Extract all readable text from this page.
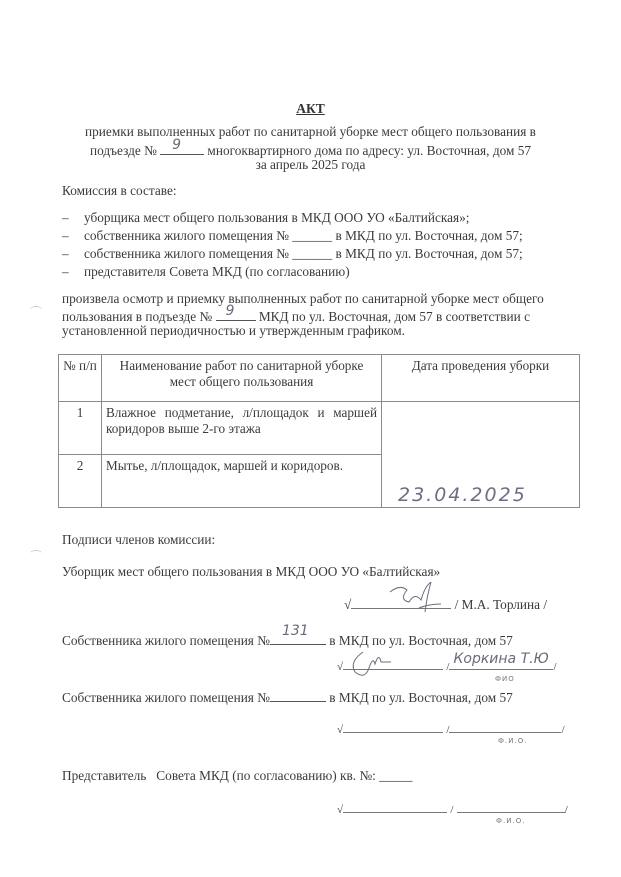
АКТ
приемки выполненных работ по санитарной уборке мест общего пользования в
подъезде № 9 многоквартирного дома по адресу: ул. Восточная, дом 57
за апрель 2025 года
Комиссия в составе:
– уборщика мест общего пользования в МКД ООО УО «Балтийская»;
– собственника жилого помещения № ______ в МКД по ул. Восточная, дом 57;
– собственника жилого помещения № ______ в МКД по ул. Восточная, дом 57;
– представителя Совета МКД (по согласованию)
произвела осмотр и приемку выполненных работ по санитарной уборке мест общего
пользования в подъезде № 9 МКД по ул. Восточная, дом 57 в соответствии с
установленной периодичностью и утвержденным графиком.
№ п/п	Наименование работ по санитарной уборке мест общего пользования	Дата проведения уборки
1	Влажное подметание, л/площадок и маршей коридоров выше 2-го этажа	
2	Мытье, л/площадок, маршей и коридоров.	
23.04.2025
Подписи членов комиссии:
Уборщик мест общего пользования в МКД ООО УО «Балтийская»
√	/ М.А. Торлина /
Собственника жилого помещения №
131
в МКД по ул. Восточная, дом 57
√	/ Коркина Т.Ю /
ФИО
Собственника жилого помещения №	в МКД по ул. Восточная, дом 57
√	/	/
Ф.И.О.
Представитель   Совета МКД (по согласованию) кв. №: _____
√	/	/
Ф.И.О.
